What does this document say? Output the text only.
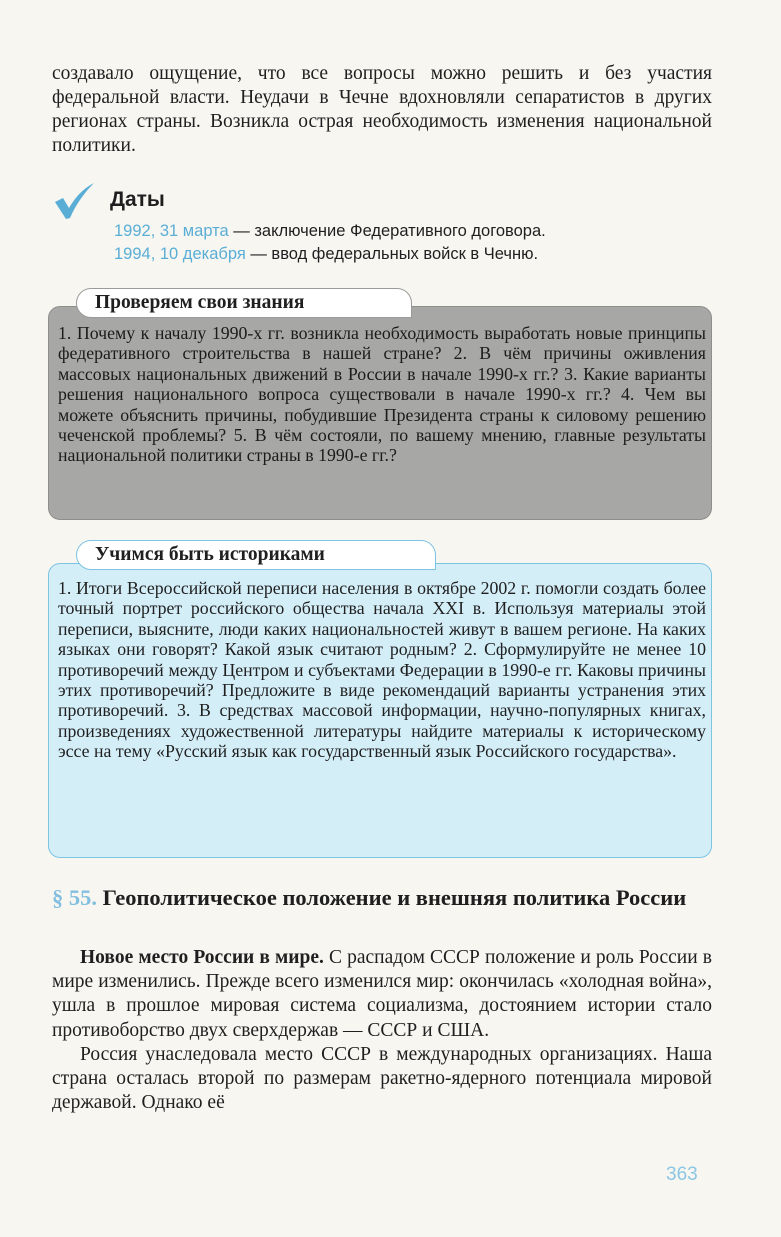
создавало ощущение, что все вопросы можно решить и без участия федеральной власти. Неудачи в Чечне вдохновляли сепаратистов в других регионах страны. Возникла острая необходимость изменения национальной политики.
Даты
1992, 31 марта — заключение Федеративного договора.
1994, 10 декабря — ввод федеральных войск в Чечню.
Проверяем свои знания
1. Почему к началу 1990-х гг. возникла необходимость выработать новые принципы федеративного строительства в нашей стране? 2. В чём причины оживления массовых национальных движений в России в начале 1990-х гг.? 3. Какие варианты решения национального вопроса существовали в начале 1990-х гг.? 4. Чем вы можете объяснить причины, побудившие Президента страны к силовому решению чеченской проблемы? 5. В чём состояли, по вашему мнению, главные результаты национальной политики страны в 1990-е гг.?
Учимся быть историками
1. Итоги Всероссийской переписи населения в октябре 2002 г. помогли создать более точный портрет российского общества начала XXI в. Используя материалы этой переписи, выясните, люди каких национальностей живут в вашем регионе. На каких языках они говорят? Какой язык считают родным? 2. Сформулируйте не менее 10 противоречий между Центром и субъектами Федерации в 1990-е гг. Каковы причины этих противоречий? Предложите в виде рекомендаций варианты устранения этих противоречий. 3. В средствах массовой информации, научно-популярных книгах, произведениях художественной литературы найдите материалы к историческому эссе на тему «Русский язык как государственный язык Российского государства».
§ 55. Геополитическое положение и внешняя политика России

Новое место России в мире. С распадом СССР положение и роль России в мире изменились. Прежде всего изменился мир: окончилась «холодная война», ушла в прошлое мировая система социализма, достоянием истории стало противоборство двух сверхдержав — СССР и США.

Россия унаследовала место СССР в международных организациях. Наша страна осталась второй по размерам ракетно-ядерного потенциала мировой державой. Однако её

363
